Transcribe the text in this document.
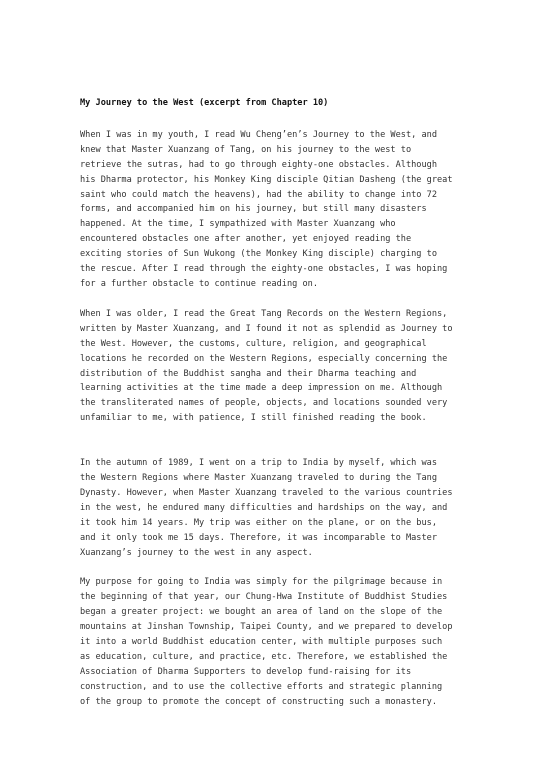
My Journey to the West (excerpt from Chapter 10)
When I was in my youth, I read Wu Cheng’en’s Journey to the West, and
knew that Master Xuanzang of Tang, on his journey to the west to
retrieve the sutras, had to go through eighty-one obstacles. Although
his Dharma protector, his Monkey King disciple Qitian Dasheng (the great
saint who could match the heavens), had the ability to change into 72
forms, and accompanied him on his journey, but still many disasters
happened. At the time, I sympathized with Master Xuanzang who
encountered obstacles one after another, yet enjoyed reading the
exciting stories of Sun Wukong (the Monkey King disciple) charging to
the rescue. After I read through the eighty-one obstacles, I was hoping
for a further obstacle to continue reading on.
When I was older, I read the Great Tang Records on the Western Regions,
written by Master Xuanzang, and I found it not as splendid as Journey to
the West. However, the customs, culture, religion, and geographical
locations he recorded on the Western Regions, especially concerning the
distribution of the Buddhist sangha and their Dharma teaching and
learning activities at the time made a deep impression on me. Although
the transliterated names of people, objects, and locations sounded very
unfamiliar to me, with patience, I still finished reading the book.
In the autumn of 1989, I went on a trip to India by myself, which was
the Western Regions where Master Xuanzang traveled to during the Tang
Dynasty. However, when Master Xuanzang traveled to the various countries
in the west, he endured many difficulties and hardships on the way, and
it took him 14 years. My trip was either on the plane, or on the bus,
and it only took me 15 days. Therefore, it was incomparable to Master
Xuanzang’s journey to the west in any aspect.
My purpose for going to India was simply for the pilgrimage because in
the beginning of that year, our Chung-Hwa Institute of Buddhist Studies
began a greater project: we bought an area of land on the slope of the
mountains at Jinshan Township, Taipei County, and we prepared to develop
it into a world Buddhist education center, with multiple purposes such
as education, culture, and practice, etc. Therefore, we established the
Association of Dharma Supporters to develop fund-raising for its
construction, and to use the collective efforts and strategic planning
of the group to promote the concept of constructing such a monastery.
